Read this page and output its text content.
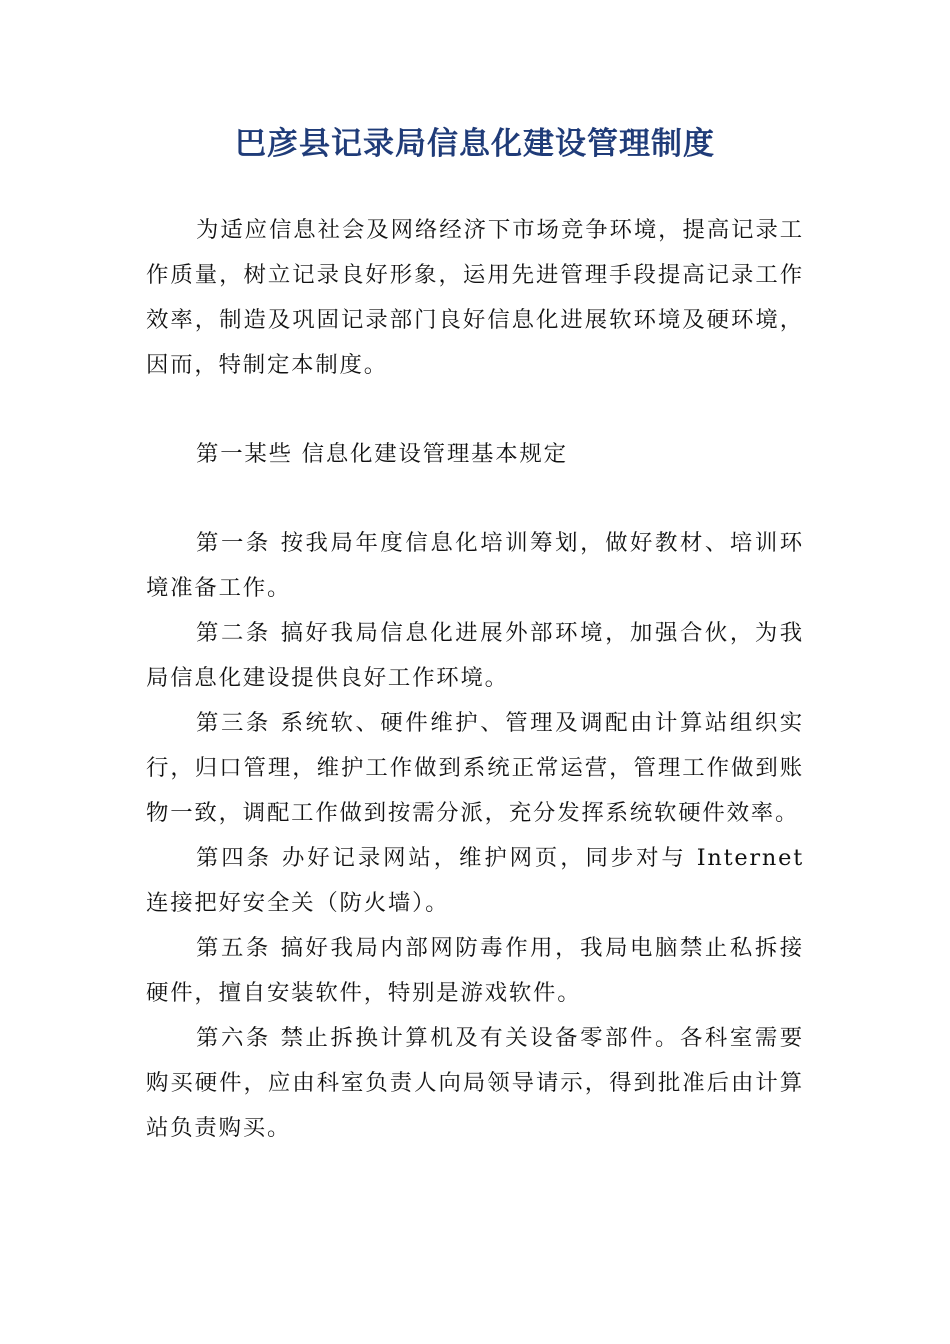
巴彦县记录局信息化建设管理制度

为适应信息社会及网络经济下市场竞争环境，提高记录工作质量，树立记录良好形象，运用先进管理手段提高记录工作效率，制造及巩固记录部门良好信息化进展软环境及硬环境，因而，特制定本制度。

第一某些 信息化建设管理基本规定

第一条 按我局年度信息化培训筹划，做好教材、培训环境准备工作。

第二条 搞好我局信息化进展外部环境，加强合伙，为我局信息化建设提供良好工作环境。

第三条 系统软、硬件维护、管理及调配由计算站组织实行，归口管理，维护工作做到系统正常运营，管理工作做到账物一致，调配工作做到按需分派，充分发挥系统软硬件效率。

第四条 办好记录网站，维护网页，同步对与 Internet 连接把好安全关（防火墙）。

第五条 搞好我局内部网防毒作用，我局电脑禁止私拆接硬件，擅自安装软件，特别是游戏软件。

第六条 禁止拆换计算机及有关设备零部件。各科室需要购买硬件，应由科室负责人向局领导请示，得到批准后由计算站负责购买。
